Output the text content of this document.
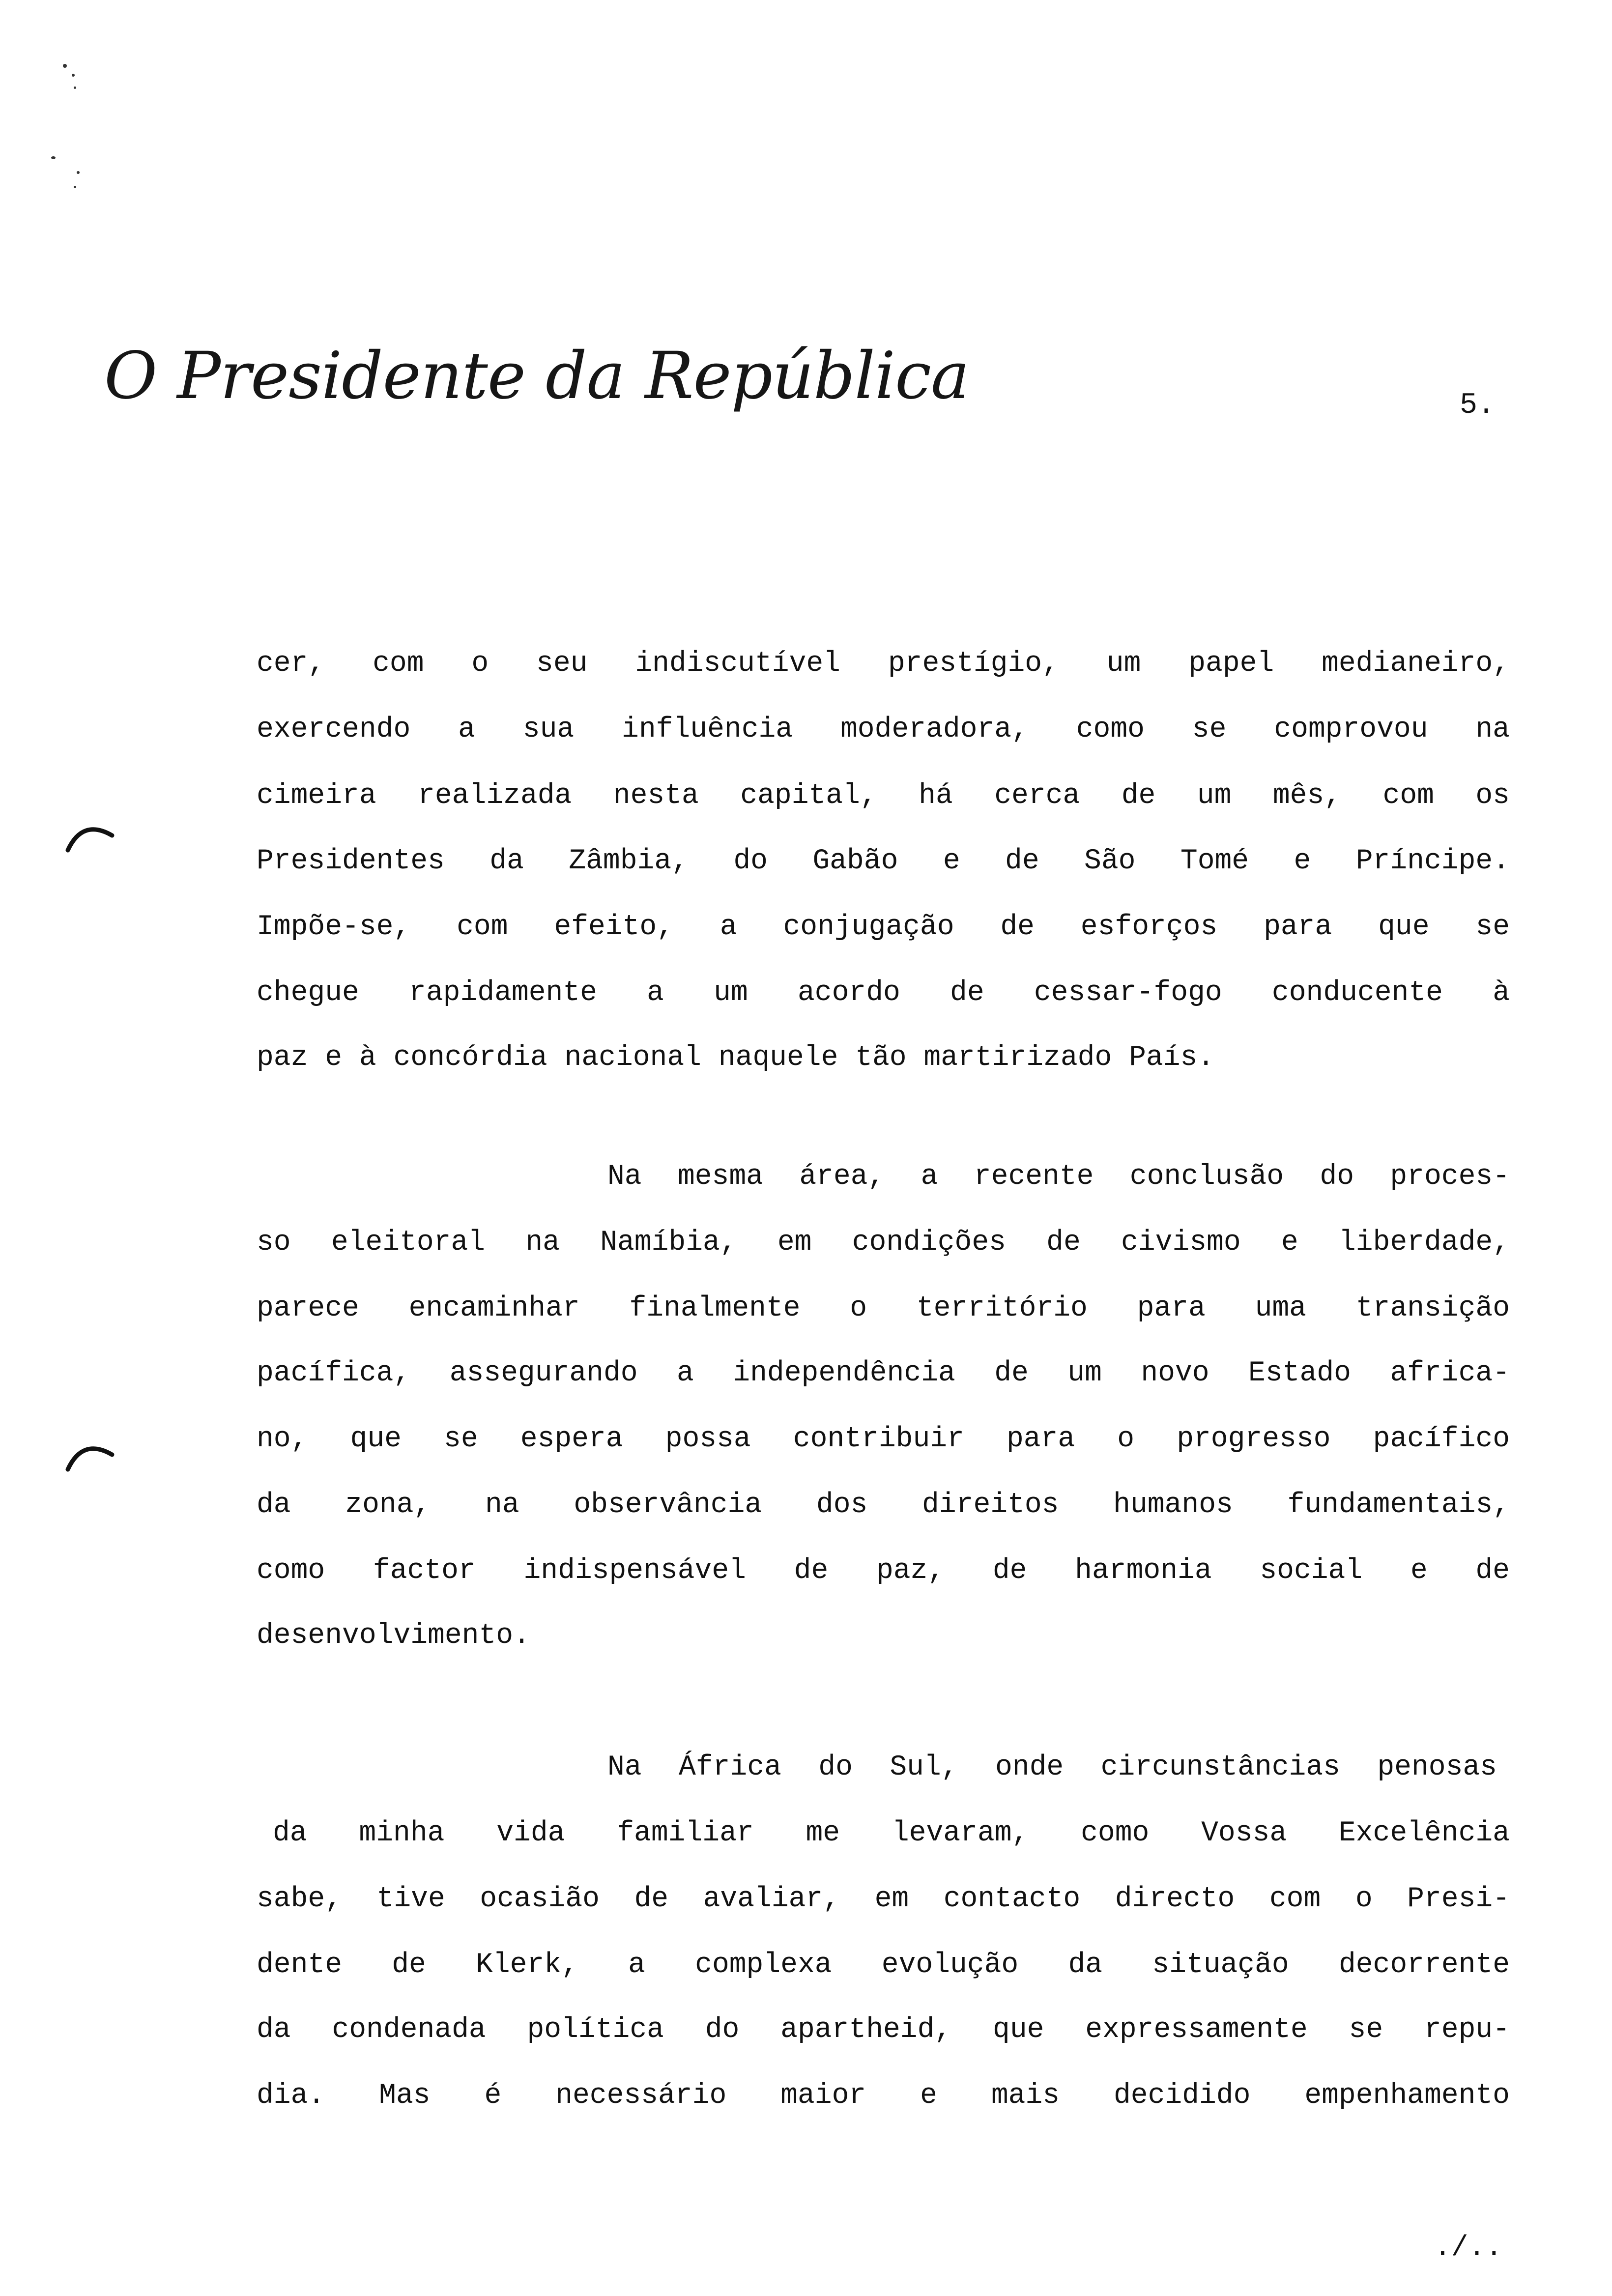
O Presidente da República	5.
cer, com o seu indiscutível prestígio, um papel medianeiro,
exercendo a sua influência moderadora, como se comprovou na
cimeira realizada nesta capital, há cerca de um mês, com os
Presidentes da Zâmbia, do Gabão e de São Tomé e Príncipe.
Impõe-se, com efeito, a conjugação de esforços para que se
chegue rapidamente a um acordo de cessar-fogo conducente à
paz e à concórdia nacional naquele tão martirizado País.
Na mesma área, a recente conclusão do proces-
so eleitoral na Namíbia, em condições de civismo e liberdade,
parece encaminhar finalmente o território para uma transição
pacífica, assegurando a independência de um novo Estado africa-
no, que se espera possa contribuir para o progresso pacífico
da zona, na observância dos direitos humanos fundamentais,
como factor indispensável de paz, de harmonia social e de
desenvolvimento.
Na África do Sul, onde circunstâncias penosas
da minha vida familiar me levaram, como Vossa Excelência
sabe, tive ocasião de avaliar, em contacto directo com o Presi-
dente de Klerk, a complexa evolução da situação decorrente
da condenada política do apartheid, que expressamente se repu-
dia. Mas é necessário maior e mais decidido empenhamento
./..
